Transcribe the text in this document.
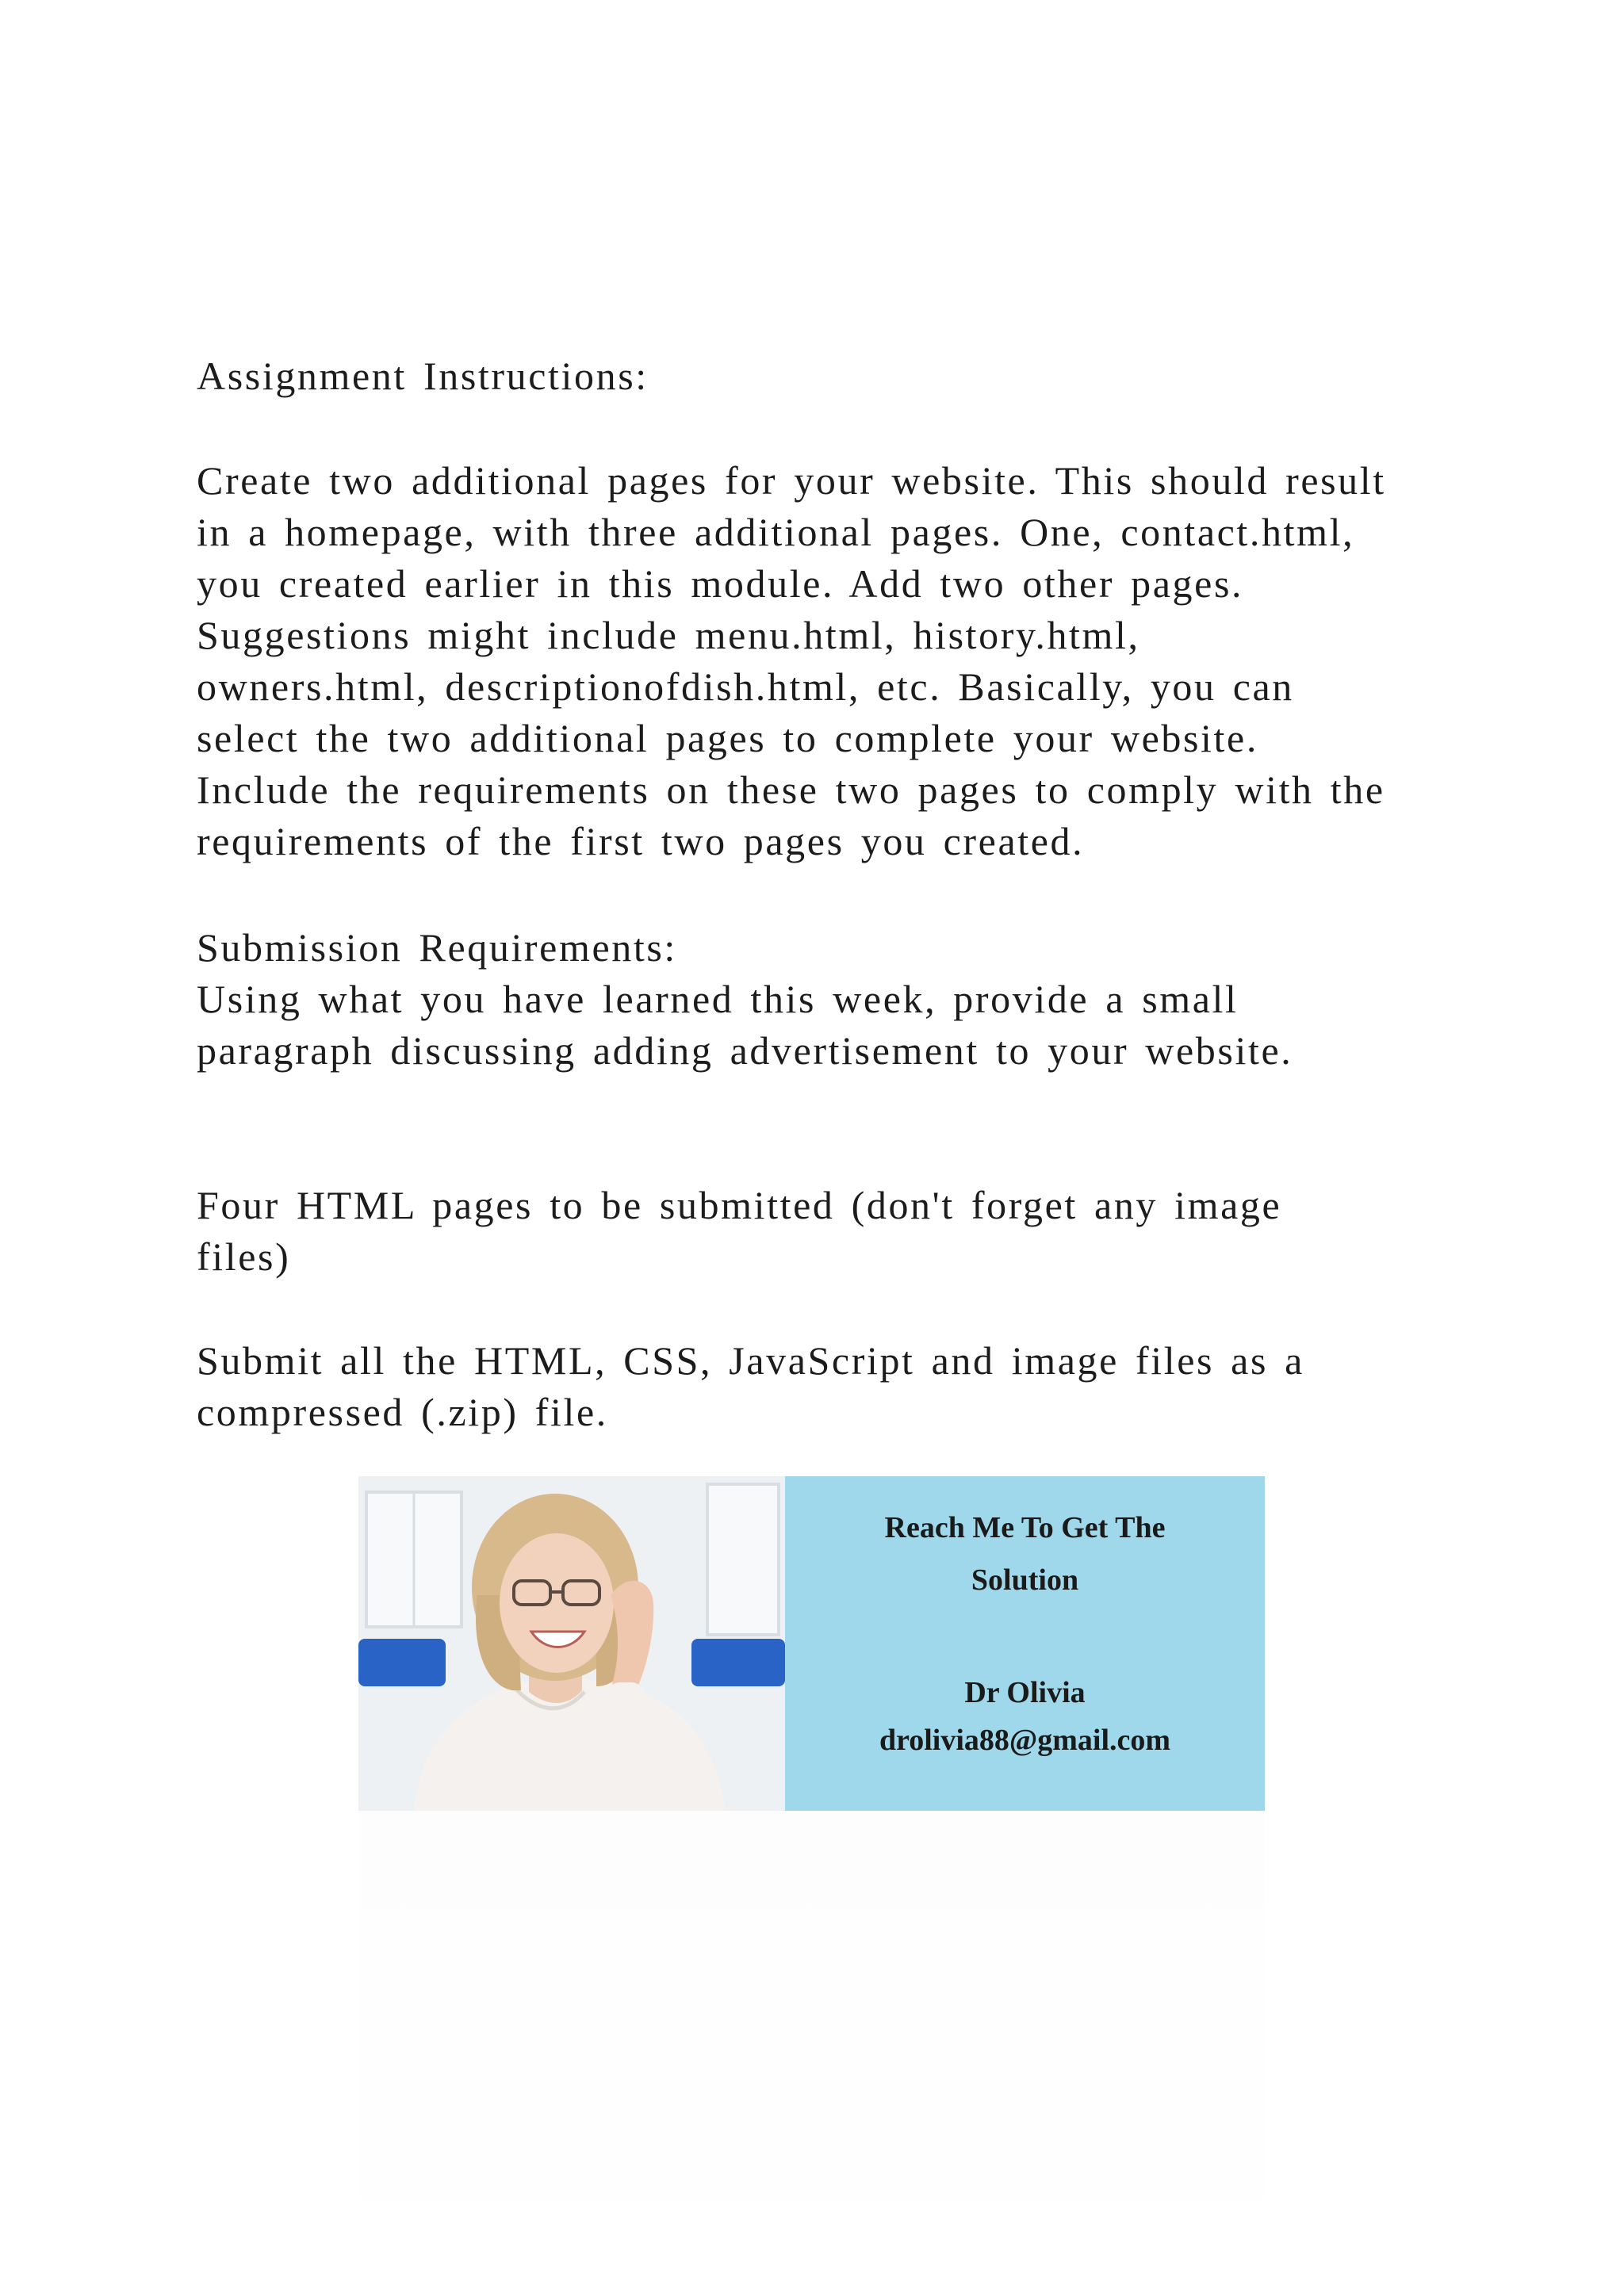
Assignment Instructions:
Create two additional pages for your website. This should result
in a homepage, with three additional pages. One, contact.html,
you created earlier in this module. Add two other pages.
Suggestions might include menu.html, history.html,
owners.html, descriptionofdish.html, etc. Basically, you can
select the two additional pages to complete your website.
Include the requirements on these two pages to comply with the
requirements of the first two pages you created.
Submission Requirements:
Using what you have learned this week, provide a small
paragraph discussing adding advertisement to your website.
Four HTML pages to be submitted (don't forget any image
files)
Submit all the HTML, CSS, JavaScript and image files as a
compressed (.zip) file.
Reach Me To Get The
Solution
Dr Olivia
drolivia88@gmail.com
